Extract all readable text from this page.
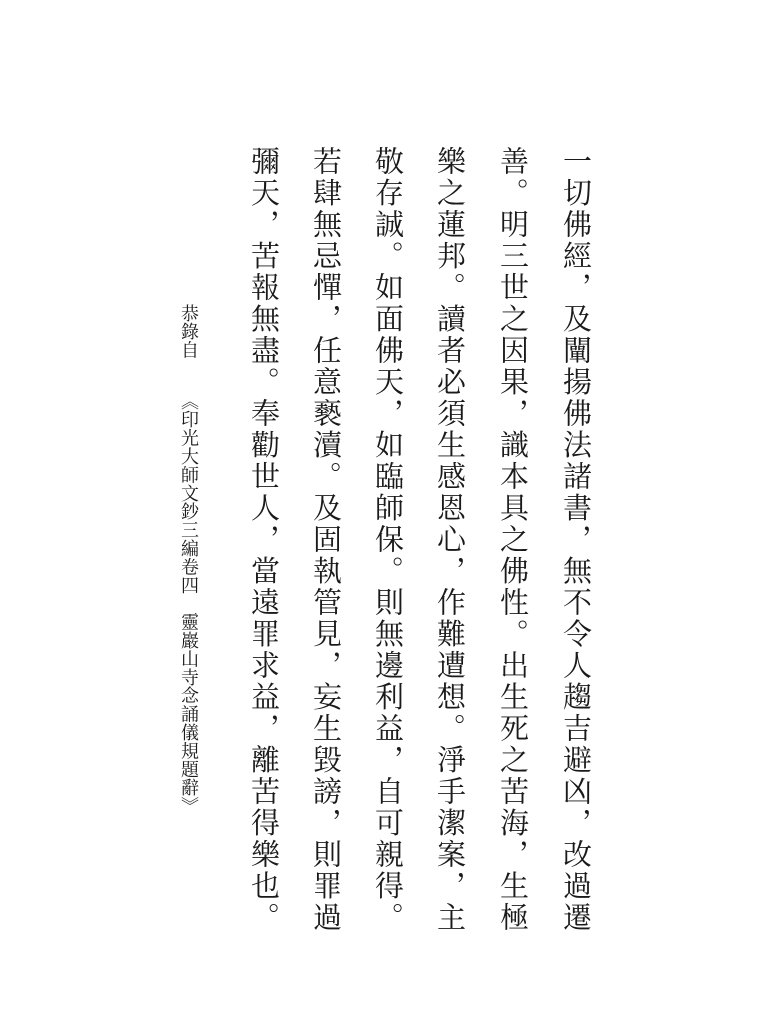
一切佛經，及闡揚佛法諸書，無不令人趨吉避凶，改過遷

善。明三世之因果，識本具之佛性。出生死之苦海，生極

樂之蓮邦。讀者必須生感恩心，作難遭想。淨手潔案，主

敬存誠。如面佛天，如臨師保。則無邊利益，自可親得。

若肆無忌憚，任意褻瀆。及固執管見，妄生毀謗，則罪過

彌天，苦報無盡。奉勸世人，當遠罪求益，離苦得樂也。

恭錄自

《印光大師文鈔三編卷四　靈巖山寺念誦儀規題辭》
